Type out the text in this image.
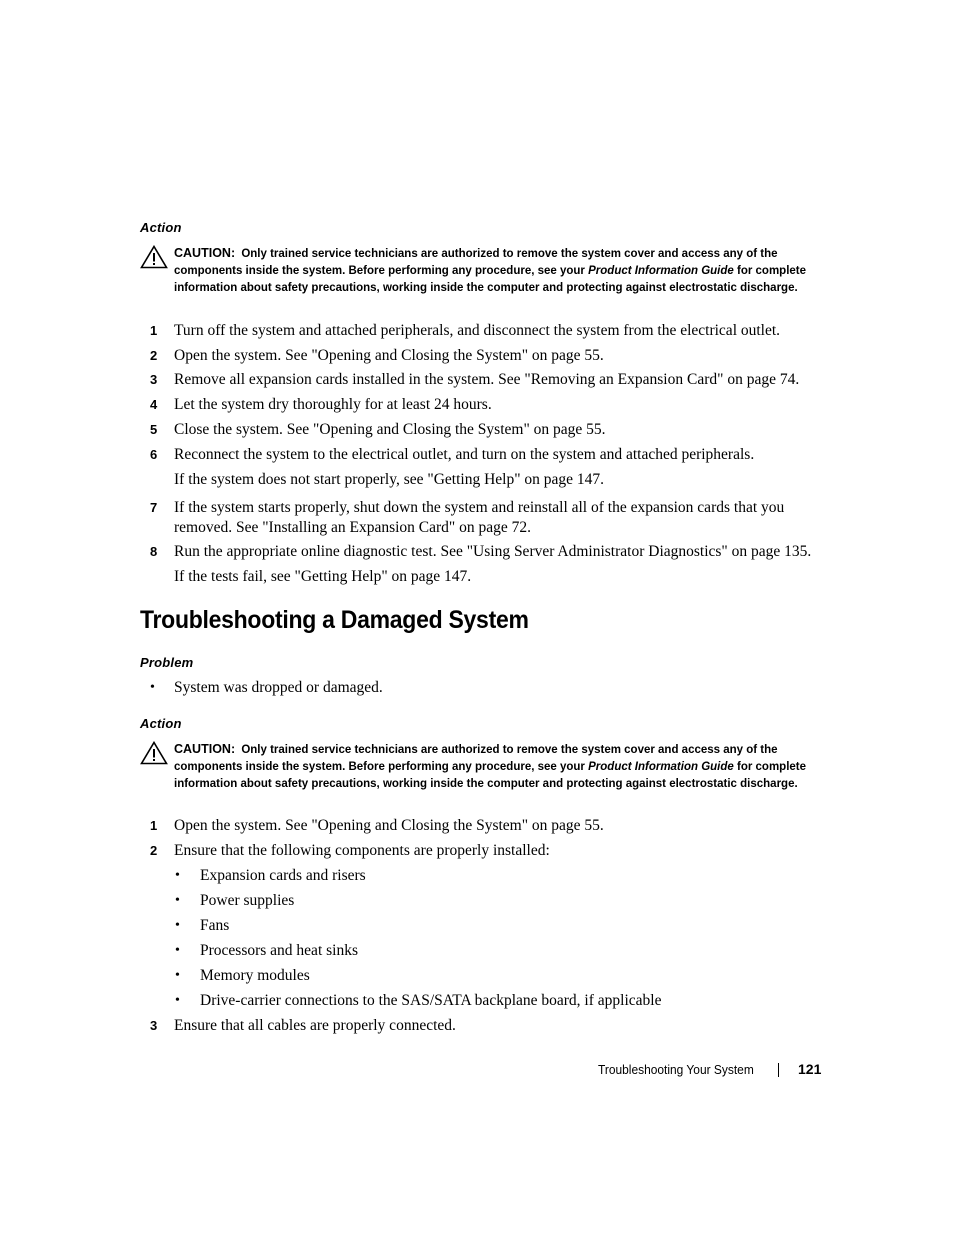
Action
CAUTION: Only trained service technicians are authorized to remove the system cover and access any of the components inside the system. Before performing any procedure, see your Product Information Guide for complete information about safety precautions, working inside the computer and protecting against electrostatic discharge.
1	Turn off the system and attached peripherals, and disconnect the system from the electrical outlet.
2	Open the system. See "Opening and Closing the System" on page 55.
3	Remove all expansion cards installed in the system. See "Removing an Expansion Card" on page 74.
4	Let the system dry thoroughly for at least 24 hours.
5	Close the system. See "Opening and Closing the System" on page 55.
6	Reconnect the system to the electrical outlet, and turn on the system and attached peripherals.
If the system does not start properly, see "Getting Help" on page 147.
7	If the system starts properly, shut down the system and reinstall all of the expansion cards that you removed. See "Installing an Expansion Card" on page 72.
8	Run the appropriate online diagnostic test. See "Using Server Administrator Diagnostics" on page 135.
If the tests fail, see "Getting Help" on page 147.
Troubleshooting a Damaged System
Problem
• System was dropped or damaged.
Action
CAUTION: Only trained service technicians are authorized to remove the system cover and access any of the components inside the system. Before performing any procedure, see your Product Information Guide for complete information about safety precautions, working inside the computer and protecting against electrostatic discharge.
1	Open the system. See "Opening and Closing the System" on page 55.
2	Ensure that the following components are properly installed:
• Expansion cards and risers
• Power supplies
• Fans
• Processors and heat sinks
• Memory modules
• Drive-carrier connections to the SAS/SATA backplane board, if applicable
3	Ensure that all cables are properly connected.
Troubleshooting Your System	121
